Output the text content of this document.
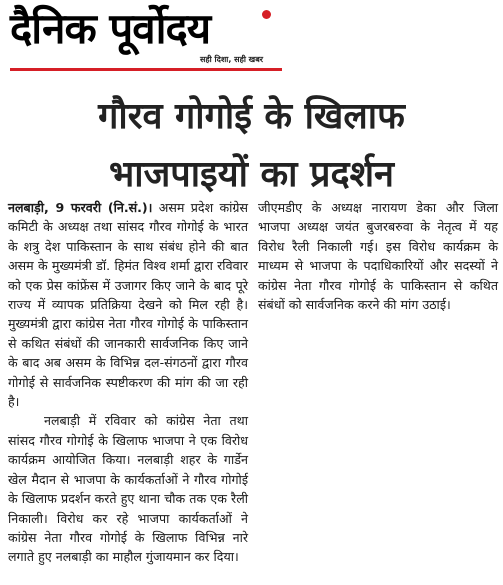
दैनिक पूर्वोदय
सही दिशा, सही खबर
गौरव गोगोई के खिलाफ
भाजपाइयों का प्रदर्शन

नलबाड़ी, 9 फरवरी (नि.सं.)। असम प्रदेश कांग्रेस कमिटी के अध्यक्ष तथा सांसद गौरव गोगोई के भारत के शत्रु देश पाकिस्तान के साथ संबंध होने की बात असम के मुख्यमंत्री डॉ. हिमंत विश्व शर्मा द्वारा रविवार को एक प्रेस कांफ्रेंस में उजागर किए जाने के बाद पूरे राज्य में व्यापक प्रतिक्रिया देखने को मिल रही है। मुख्यमंत्री द्वारा कांग्रेस नेता गौरव गोगोई के पाकिस्तान से कथित संबंधों की जानकारी सार्वजनिक किए जाने के बाद अब असम के विभिन्न दल-संगठनों द्वारा गौरव गोगोई से सार्वजनिक स्पष्टीकरण की मांग की जा रही है।

नलबाड़ी में रविवार को कांग्रेस नेता तथा सांसद गौरव गोगोई के खिलाफ भाजपा ने एक विरोध कार्यक्रम आयोजित किया। नलबाड़ी शहर के गार्डेन खेल मैदान से भाजपा के कार्यकर्ताओं ने गौरव गोगोई के खिलाफ प्रदर्शन करते हुए थाना चौक तक एक रैली निकाली। विरोध कर रहे भाजपा कार्यकर्ताओं ने कांग्रेस नेता गौरव गोगोई के खिलाफ विभिन्न नारे लगाते हुए नलबाड़ी का माहौल गुंजायमान कर दिया।

जीएमडीए के अध्यक्ष नारायण डेका और जिला भाजपा अध्यक्ष जयंत बुजरबरुवा के नेतृत्व में यह विरोध रैली निकाली गई। इस विरोध कार्यक्रम के माध्यम से भाजपा के पदाधिकारियों और सदस्यों ने कांग्रेस नेता गौरव गोगोई के पाकिस्तान से कथित संबंधों को सार्वजनिक करने की मांग उठाई।
